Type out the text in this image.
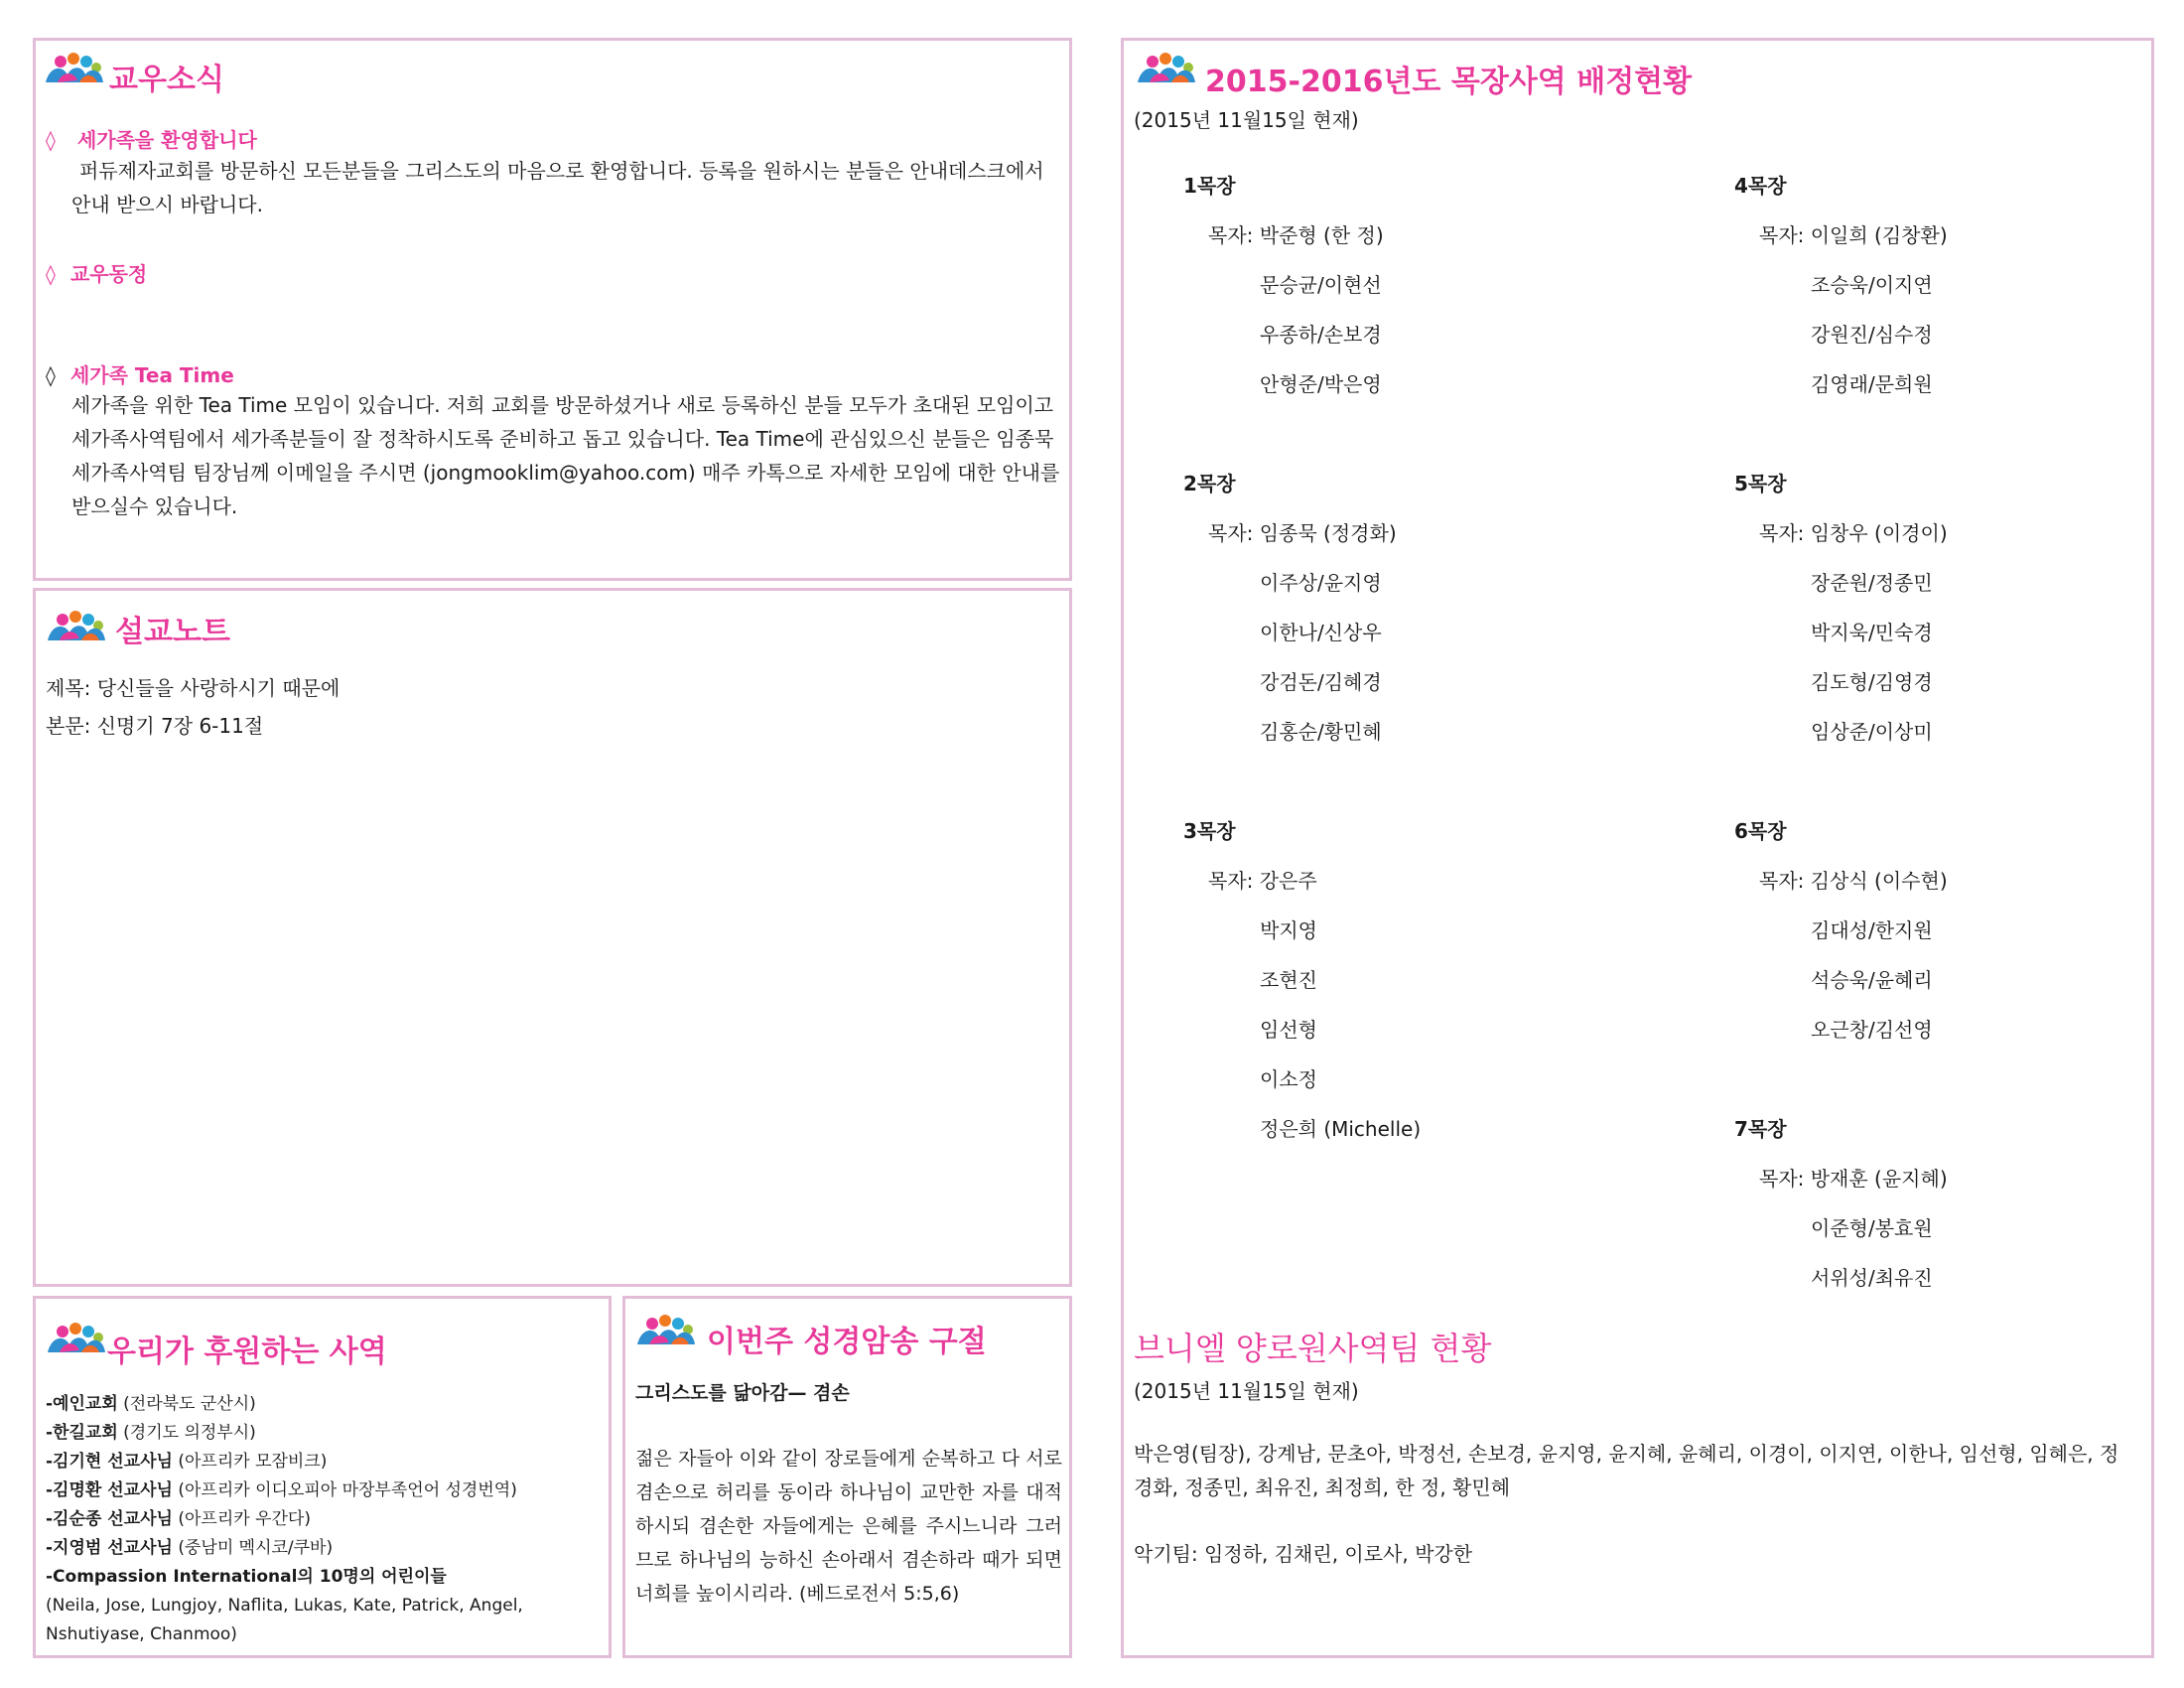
교우소식
◊ 세가족을 환영합니다
퍼듀제자교회를 방문하신 모든분들을 그리스도의 마음으로 환영합니다. 등록을 원하시는 분들은 안내데스크에서 안내 받으시 바랍니다.
◊ 교우동정
◊ 세가족 Tea Time
세가족을 위한 Tea Time 모임이 있습니다. 저희 교회를 방문하셨거나 새로 등록하신 분들 모두가 초대된 모임이고 세가족사역팀에서 세가족분들이 잘 정착하시도록 준비하고 돕고 있습니다. Tea Time에 관심있으신 분들은 임종묵 세가족사역팀 팀장님께 이메일을 주시면 (jongmooklim@yahoo.com) 매주 카톡으로 자세한 모임에 대한 안내를 받으실수 있습니다.
설교노트
제목: 당신들을 사랑하시기 때문에
본문: 신명기 7장 6-11절
우리가 후원하는 사역
-예인교회 (전라북도 군산시)
-한길교회 (경기도 의정부시)
-김기현 선교사님 (아프리카 모잠비크)
-김명환 선교사님 (아프리카 이디오피아 마장부족언어 성경번역)
-김순종 선교사님 (아프리카 우간다)
-지영범 선교사님 (중남미 멕시코/쿠바)
-Compassion International의 10명의 어린이들
(Neila, Jose, Lungjoy, Naflita, Lukas, Kate, Patrick, Angel, Nshutiyase, Chanmoo)
이번주 성경암송 구절
그리스도를 닮아감— 겸손
젊은 자들아 이와 같이 장로들에게 순복하고 다 서로 겸손으로 허리를 동이라 하나님이 교만한 자를 대적하시되 겸손한 자들에게는 은혜를 주시느니라 그러므로 하나님의 능하신 손아래서 겸손하라 때가 되면 너희를 높이시리라. (베드로전서 5:5,6)
2015-2016년도 목장사역 배정현황
(2015년 11월15일 현재)
1목장
목자: 박준형 (한 정)
문승균/이현선
우종하/손보경
안형준/박은영
2목장
목자: 임종묵 (정경화)
이주상/윤지영
이한나/신상우
강검돈/김혜경
김홍순/황민혜
3목장
목자: 강은주
박지영
조현진
임선형
이소정
정은희 (Michelle)
4목장
목자: 이일희 (김창환)
조승욱/이지연
강원진/심수정
김영래/문희원
5목장
목자: 임창우 (이경이)
장준원/정종민
박지욱/민숙경
김도형/김영경
임상준/이상미
6목장
목자: 김상식 (이수현)
김대성/한지원
석승욱/윤혜리
오근창/김선영
7목장
목자: 방재훈 (윤지혜)
이준형/봉효원
서위성/최유진
브니엘 양로원사역팀 현황
(2015년 11월15일 현재)
박은영(팀장), 강계남, 문초아, 박정선, 손보경, 윤지영, 윤지혜, 윤혜리, 이경이, 이지연, 이한나, 임선형, 임혜은, 정경화, 정종민, 최유진, 최정희, 한 정, 황민혜
악기팀: 임정하, 김채린, 이로사, 박강한
